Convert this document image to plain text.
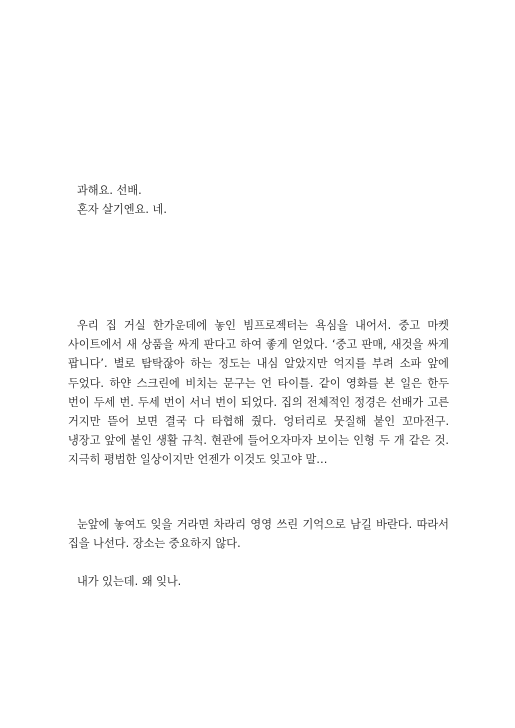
과해요. 선배.
혼자 살기엔요. 네.

우리 집 거실 한가운데에 놓인 빔프로젝터는 욕심을 내어서. 중고 마켓 사이트에서 새 상품을 싸게 판다고 하여 좋게 얻었다. ‘중고 판매, 새것을 싸게 팝니다’. 별로 탐탁잖아 하는 정도는 내심 알았지만 억지를 부려 소파 앞에 두었다. 하얀 스크린에 비치는 문구는 언 타이틀. 같이 영화를 본 일은 한두 번이 두세 번. 두세 번이 서너 번이 되었다. 집의 전체적인 정경은 선배가 고른 거지만 뜯어 보면 결국 다 타협해 줬다. 엉터리로 뭇질해 붙인 꼬마전구. 냉장고 앞에 붙인 생활 규칙. 현관에 들어오자마자 보이는 인형 두 개 같은 것. 지극히 평범한 일상이지만 언젠가 이것도 잊고야 말…

눈앞에 놓여도 잊을 거라면 차라리 영영 쓰린 기억으로 남길 바란다. 따라서 집을 나선다. 장소는 중요하지 않다.

내가 있는데. 왜 잊나.
